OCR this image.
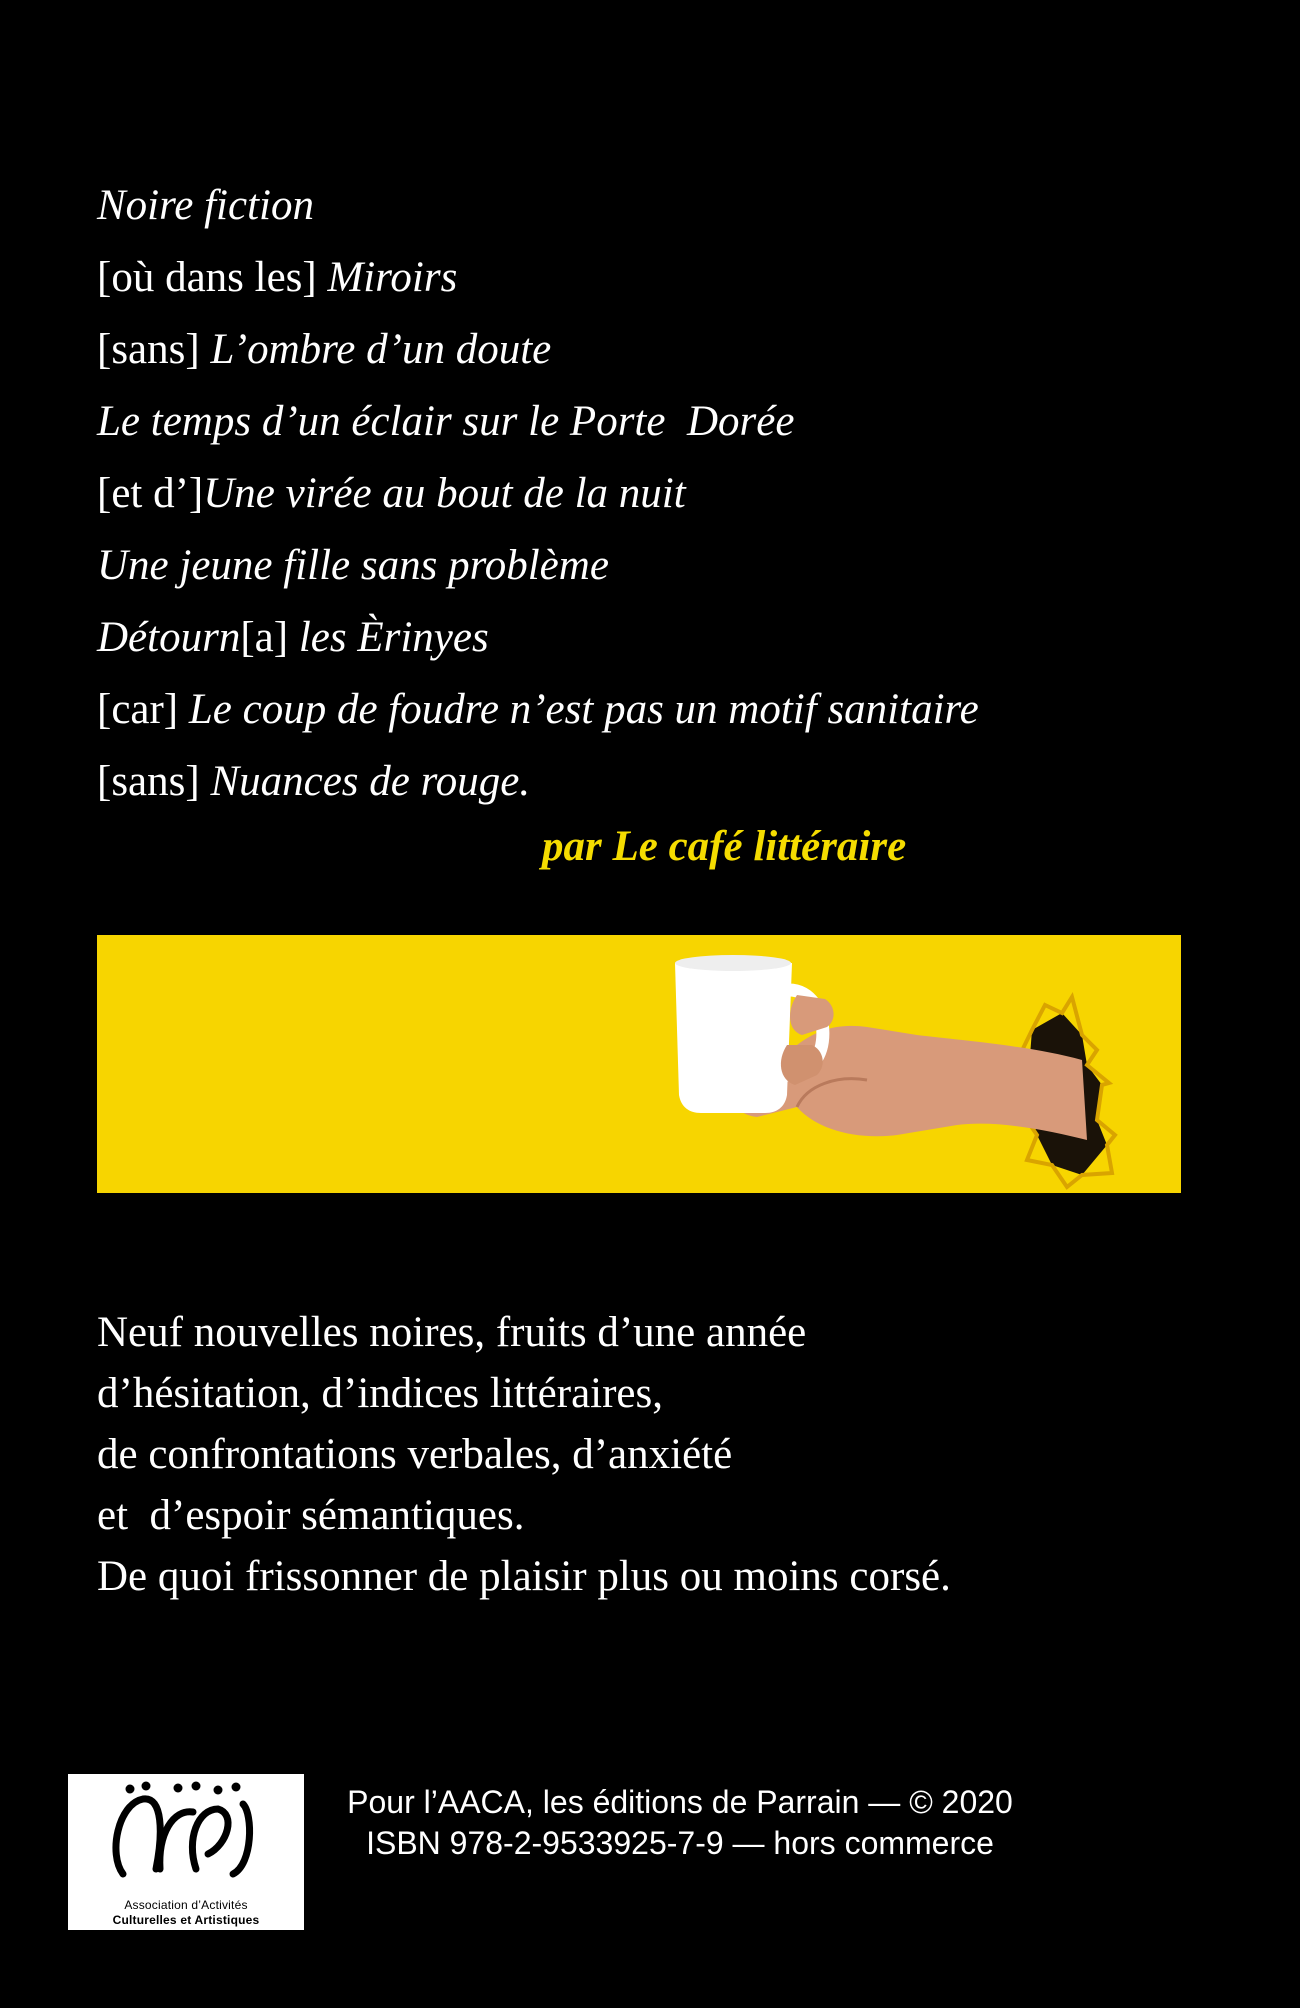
Noire fiction
[où dans les] Miroirs
[sans] L’ombre d’un doute
Le temps d’un éclair sur le Porte  Dorée
[et d’]Une virée au bout de la nuit
Une jeune fille sans problème
Détourn[a] les Èrinyes
[car] Le coup de foudre n’est pas un motif sanitaire
[sans] Nuances de rouge.
par Le café littéraire
Neuf nouvelles noires, fruits d’une année
d’hésitation, d’indices littéraires,
de confrontations verbales, d’anxiété
et  d’espoir sémantiques.
De quoi frissonner de plaisir plus ou moins corsé.
Association d’Activités
Culturelles et Artistiques
Pour l’AACA, les éditions de Parrain — © 2020
ISBN 978-2-9533925-7-9 — hors commerce
